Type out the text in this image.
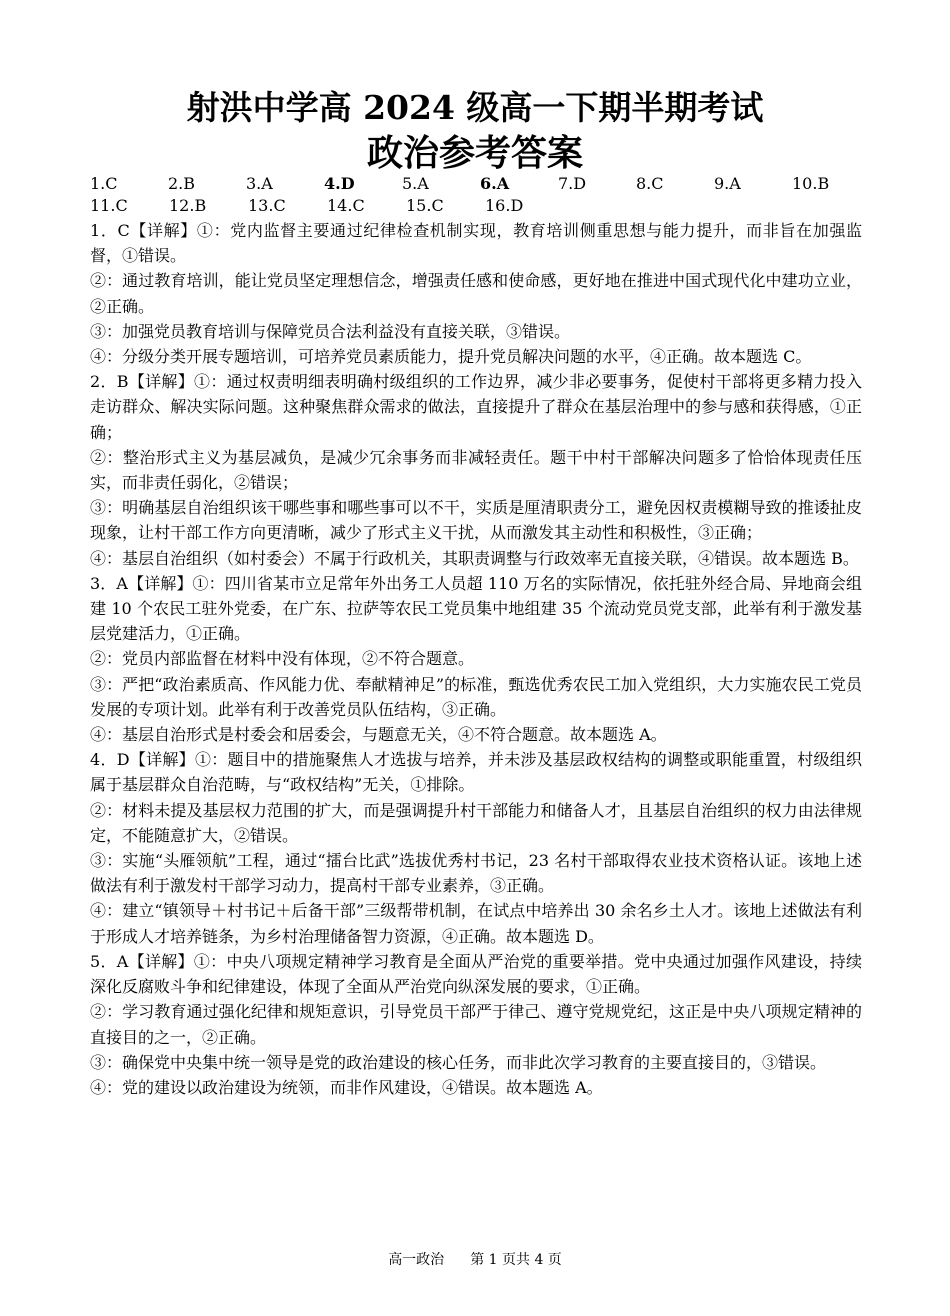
射洪中学高 2024 级高一下期半期考试
政治参考答案
1.C	2.B	3.A	4.D	5.A	6.A	7.D	8.C	9.A	10.B
11.C	12.B	13.C	14.C	15.C	16.D

1．C【详解】①：党内监督主要通过纪律检查机制实现，教育培训侧重思想与能力提升，而非旨在加强监督，①错误。

②：通过教育培训，能让党员坚定理想信念，增强责任感和使命感，更好地在推进中国式现代化中建功立业，②正确。

③：加强党员教育培训与保障党员合法利益没有直接关联，③错误。

④：分级分类开展专题培训，可培养党员素质能力，提升党员解决问题的水平，④正确。故本题选 C。

2．B【详解】①：通过权责明细表明确村级组织的工作边界，减少非必要事务，促使村干部将更多精力投入走访群众、解决实际问题。这种聚焦群众需求的做法，直接提升了群众在基层治理中的参与感和获得感，①正确；

②：整治形式主义为基层减负，是减少冗余事务而非减轻责任。题干中村干部解决问题多了恰恰体现责任压实，而非责任弱化，②错误；

③：明确基层自治组织该干哪些事和哪些事可以不干，实质是厘清职责分工，避免因权责模糊导致的推诿扯皮现象，让村干部工作方向更清晰，减少了形式主义干扰，从而激发其主动性和积极性，③正确；

④：基层自治组织（如村委会）不属于行政机关，其职责调整与行政效率无直接关联，④错误。故本题选 B。

3．A【详解】①：四川省某市立足常年外出务工人员超 110 万名的实际情况，依托驻外经合局、异地商会组建 10 个农民工驻外党委，在广东、拉萨等农民工党员集中地组建 35 个流动党员党支部，此举有利于激发基层党建活力，①正确。

②：党员内部监督在材料中没有体现，②不符合题意。

③：严把“政治素质高、作风能力优、奉献精神足”的标准，甄选优秀农民工加入党组织，大力实施农民工党员发展的专项计划。此举有利于改善党员队伍结构，③正确。

④：基层自治形式是村委会和居委会，与题意无关，④不符合题意。故本题选 A。

4．D【详解】①：题目中的措施聚焦人才选拔与培养，并未涉及基层政权结构的调整或职能重置，村级组织属于基层群众自治范畴，与“政权结构”无关，①排除。

②：材料未提及基层权力范围的扩大，而是强调提升村干部能力和储备人才，且基层自治组织的权力由法律规定，不能随意扩大，②错误。

③：实施“头雁领航”工程，通过“擂台比武”选拔优秀村书记，23 名村干部取得农业技术资格认证。该地上述做法有利于激发村干部学习动力，提高村干部专业素养，③正确。

④：建立“镇领导＋村书记＋后备干部”三级帮带机制，在试点中培养出 30 余名乡土人才。该地上述做法有利于形成人才培养链条，为乡村治理储备智力资源，④正确。故本题选 D。

5．A【详解】①：中央八项规定精神学习教育是全面从严治党的重要举措。党中央通过加强作风建设，持续深化反腐败斗争和纪律建设，体现了全面从严治党向纵深发展的要求，①正确。

②：学习教育通过强化纪律和规矩意识，引导党员干部严于律己、遵守党规党纪，这正是中央八项规定精神的直接目的之一，②正确。

③：确保党中央集中统一领导是党的政治建设的核心任务，而非此次学习教育的主要直接目的，③错误。

④：党的建设以政治建设为统领，而非作风建设，④错误。故本题选 A。

高一政治 第 1 页共 4 页
